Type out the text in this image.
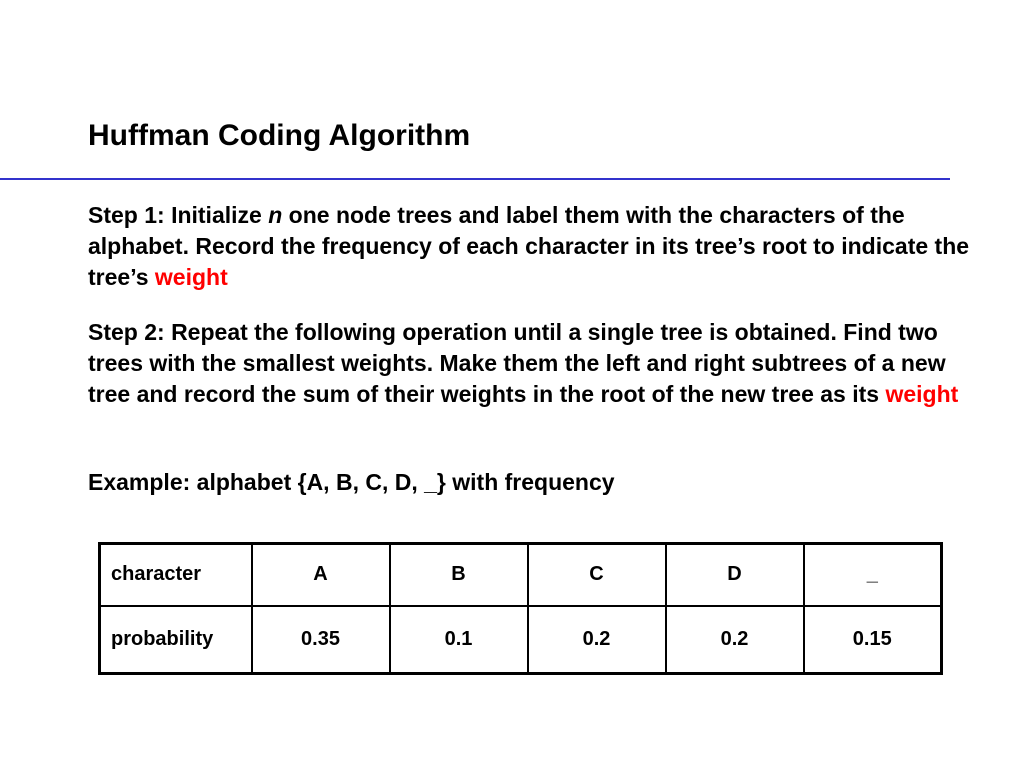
Huffman Coding Algorithm

Step 1: Initialize n one node trees and label them with the characters of the alphabet. Record the frequency of each character in its tree’s root to indicate the tree’s weight

Step 2: Repeat the following operation until a single tree is obtained. Find two trees with the smallest weights. Make them the left and right subtrees of a new tree and record the sum of their weights in the root of the new tree as its weight

Example: alphabet {A, B, C, D, _} with frequency

character	A	B	C	D	_
probability	0.35	0.1	0.2	0.2	0.15
